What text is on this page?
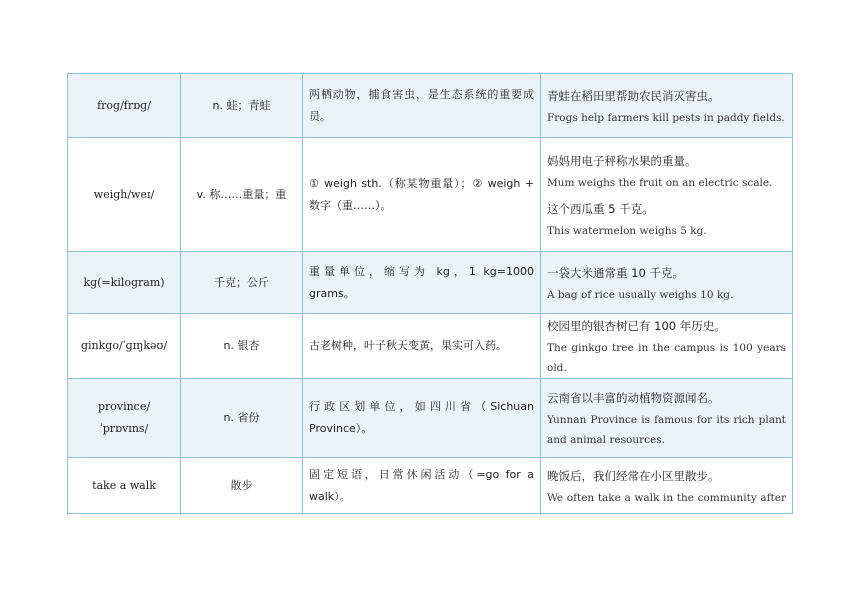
frog/frɒɡ/	n. 蛙；青蛙	两栖动物，捕食害虫，是生态系统的重要成员。	青蛙在稻田里帮助农民消灭害虫。
Frogs help farmers kill pests in paddy fields.

weigh/weɪ/	v. 称……重量；重	① weigh sth.（称某物重量）；② weigh + 数字（重……）。	妈妈用电子秤称水果的重量。
Mum weighs the fruit on an electric scale.
这个西瓜重 5 千克。
This watermelon weighs 5 kg.

kg(=kilogram)	千克；公斤	重量单位，缩写为 kg，1 kg=1000 grams。	一袋大米通常重 10 千克。
A bag of rice usually weighs 10 kg.

ginkgo/ˈɡɪŋkəʊ/	n. 银杏	古老树种，叶子秋天变黄，果实可入药。	校园里的银杏树已有 100 年历史。
The ginkgo tree in the campus is 100 years old.

province/ˈprɒvɪns/	n. 省份	行政区划单位，如四川省（Sichuan Province）。	云南省以丰富的动植物资源闻名。
Yunnan Province is famous for its rich plant and animal resources.

take a walk	散步	固定短语，日常休闲活动（=go for a walk）。	晚饭后，我们经常在小区里散步。
We often take a walk in the community after
